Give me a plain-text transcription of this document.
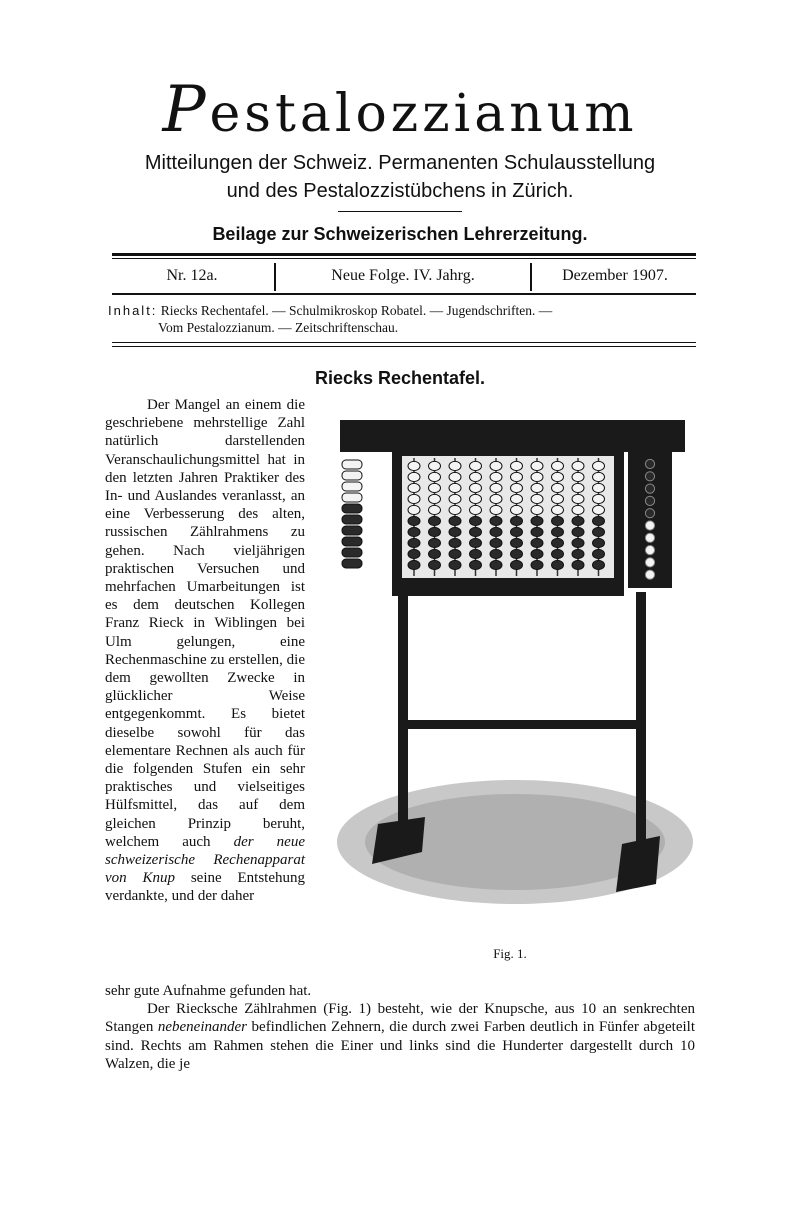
Pestalozzianum
Mitteilungen der Schweiz. Permanenten Schulausstellung
und des Pestalozzistübchens in Zürich.
Beilage zur Schweizerischen Lehrerzeitung.
Nr. 12a.	Neue Folge. IV. Jahrg.	Dezember 1907.
Inhalt: Riecks Rechentafel. — Schulmikroskop Robatel. — Jugendschriften. —
Vom Pestalozzianum. — Zeitschriftenschau.
Riecks Rechentafel.
Der Mangel an einem die geschriebene mehrstellige Zahl natürlich darstellenden Veranschaulichungsmittel hat in den letzten Jahren Praktiker des In- und Auslandes veranlasst, an eine Verbesserung des alten, russischen Zählrahmens zu gehen. Nach vieljährigen praktischen Versuchen und mehrfachen Umarbeitungen ist es dem deutschen Kollegen Franz Rieck in Wiblingen bei Ulm gelungen, eine Rechenmaschine zu erstellen, die dem gewollten Zwecke in glücklicher Weise entgegenkommt. Es bietet dieselbe sowohl für das elementare Rechnen als auch für die folgenden Stufen ein sehr praktisches und vielseitiges Hülfsmittel, das auf dem gleichen Prinzip beruht, welchem auch der neue schweizerische Rechenapparat von Knup seine Entstehung verdankte, und der daher

sehr gute Aufnahme gefunden hat.

Der Riecksche Zählrahmen (Fig. 1) besteht, wie der Knupsche, aus 10 an senkrechten Stangen nebeneinander befindlichen Zehnern, die durch zwei Farben deutlich in Fünfer abgeteilt sind. Rechts am Rahmen stehen die Einer und links sind die Hunderter dargestellt durch 10 Walzen, die je

Fig. 1.
